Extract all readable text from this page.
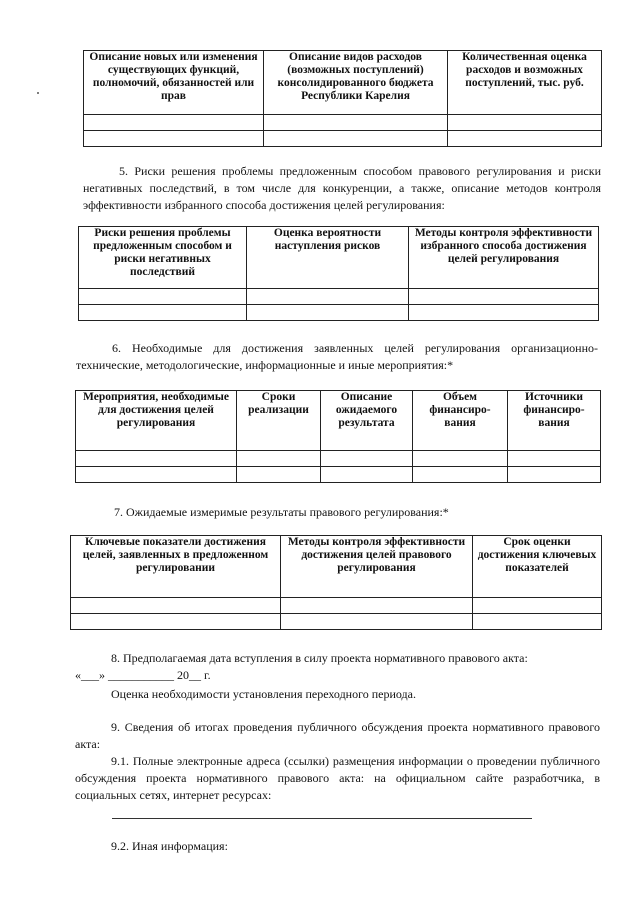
Описание новых или изменения существующих функций, полномочий, обязанностей или прав	Описание видов расходов (возможных поступлений) консолидированного бюджета Республики Карелия	Количественная оценка расходов и возможных поступлений, тыс. руб.

5. Риски решения проблемы предложенным способом правового регулирования и риски негативных последствий, в том числе для конкуренции, а также, описание методов контроля эффективности избранного способа достижения целей регулирования:
Риски решения проблемы предложенным способом и риски негативных последствий	Оценка вероятности наступления рисков	Методы контроля эффективности избранного способа достижения целей регулирования

6. Необходимые для достижения заявленных целей регулирования организационно-технические, методологические, информационные и иные мероприятия:*
Мероприятия, необходимые для достижения целей регулирования	Сроки реализации	Описание ожидаемого результата	Объем финансиро-вания	Источники финансиро-вания

7. Ожидаемые измеримые результаты правового регулирования:*
Ключевые показатели достижения целей, заявленных в предложенном регулировании	Методы контроля эффективности достижения целей правового регулирования	Срок оценки достижения ключевых показателей

8. Предполагаемая дата вступления в силу проекта нормативного правового акта:
«___» ___________ 20__ г.
Оценка необходимости установления переходного периода.
9. Сведения об итогах проведения публичного обсуждения проекта нормативного правового акта:
9.1. Полные электронные адреса (ссылки) размещения информации о проведении публичного обсуждения проекта нормативного правового акта: на официальном сайте разработчика, в социальных сетях, интернет ресурсах:
9.2. Иная информация:
